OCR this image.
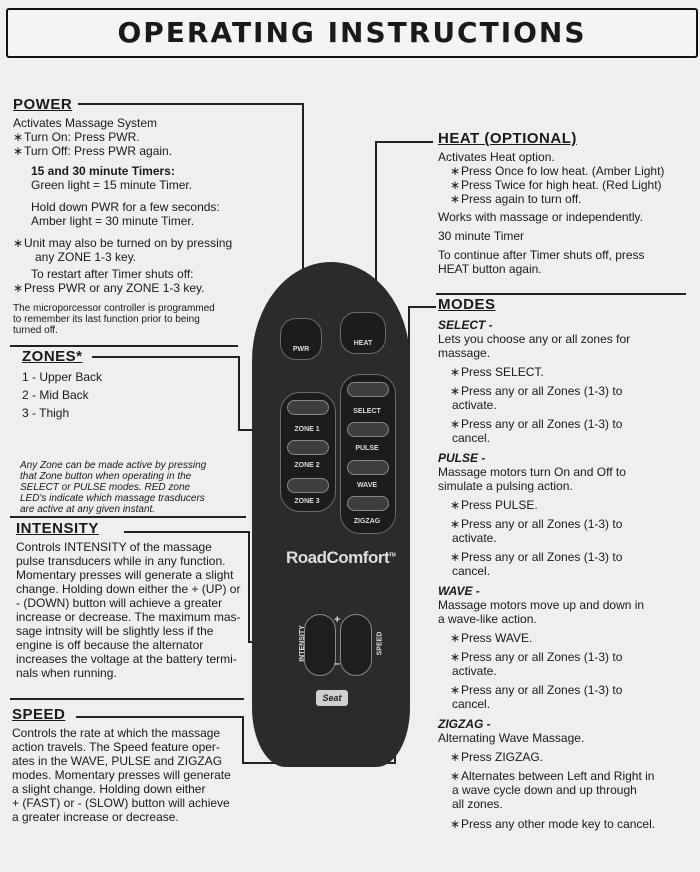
OPERATING INSTRUCTIONS

POWER

Activates Massage System

∗ Turn On: Press PWR.

∗ Turn Off: Press PWR again.

15 and 30 minute Timers:

Green light = 15 minute Timer.

Hold down PWR for a few seconds:

Amber light = 30 minute Timer.

∗ Unit may also be turned on by pressing

any ZONE 1-3 key.

To restart after Timer shuts off:

∗ Press PWR or any ZONE 1-3 key.

The microporcessor controller is programmed

to remember its last function prior to being

turned off.

ZONES*

1 - Upper Back

2 - Mid Back

3 - Thigh

Any Zone can be made active by pressing

that Zone button when operating in the

SELECT or PULSE modes. RED zone

LED's indicate which massage trasducers

are active at any given instant.

INTENSITY

Controls INTENSITY of the massage

pulse transducers while in any function.

Momentary presses will generate a slight

change. Holding down either the + (UP) or

- (DOWN) button will achieve a greater

increase or decrease. The maximum mas-

sage intnsity will be slightly less if the

engine is off because the alternator

increases the voltage at the battery termi-

nals when running.

SPEED

Controls the rate at which the massage

action travels. The Speed feature oper-

ates in the WAVE, PULSE and ZIGZAG

modes. Momentary presses will generate

a slight change. Holding down either

+ (FAST) or - (SLOW) button will achieve

a greater increase or decrease.

HEAT (OPTIONAL)

Activates Heat option.

∗ Press Once fo low heat. (Amber Light)

∗ Press Twice for high heat. (Red Light)

∗ Press again to turn off.

Works with massage or independently.

30 minute Timer

To continue after Timer shuts off, press

HEAT button again.

MODES

SELECT -

Lets you choose any or all zones for

massage.

∗ Press SELECT.

∗ Press any or all Zones (1-3) to

activate.

∗ Press any or all Zones (1-3) to

cancel.

PULSE -

Massage motors turn On and Off to

simulate a pulsing action.

∗ Press PULSE.

∗ Press any or all Zones (1-3) to

activate.

∗ Press any or all Zones (1-3) to

cancel.

WAVE -

Massage motors move up and down in

a wave-like action.

∗ Press WAVE.

∗ Press any or all Zones (1-3) to

activate.

∗ Press any or all Zones (1-3) to

cancel.

ZIGZAG -

Alternating Wave Massage.

∗ Press ZIGZAG.

∗ Alternates between Left and Right in

a wave cycle down and up through

all zones.

∗ Press any other mode key to cancel.

PWR
HEAT
ZONE 1
ZONE 2
ZONE 3
SELECT
PULSE
WAVE
ZIGZAG
INTENSITY	SPEED
+
–
Seat
RoadComfort™
